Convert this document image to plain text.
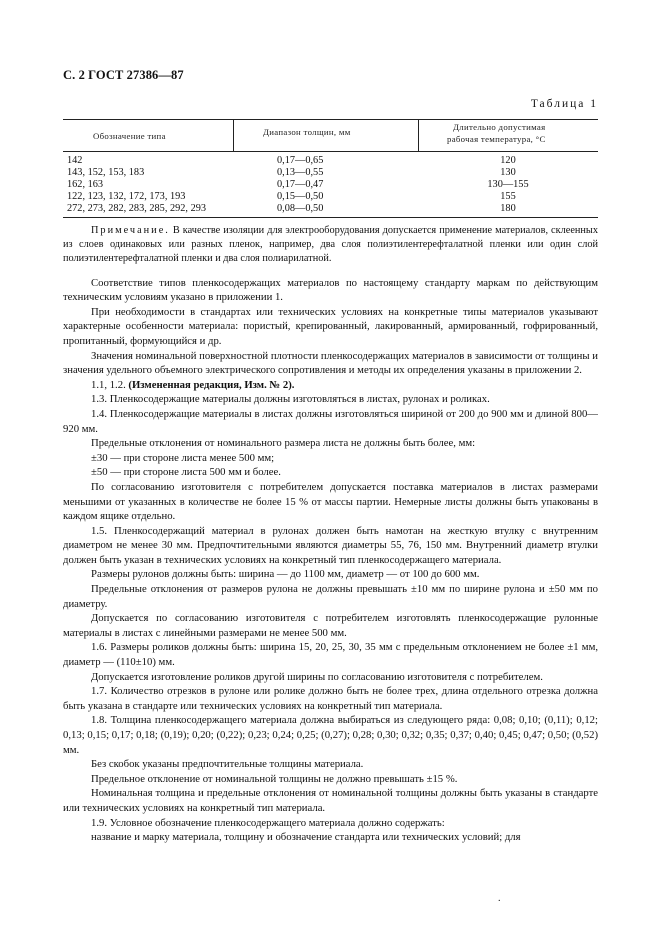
С. 2 ГОСТ 27386—87
Таблица 1
Обозначение типа	Диапазон толщин, мм	Длительно допустимая
рабочая температура, °С
142	0,17—0,65	120
143, 152, 153, 183	0,13—0,55	130
162, 163	0,17—0,47	130—155
122, 123, 132, 172, 173, 193	0,15—0,50	155
272, 273, 282, 283, 285, 292, 293	0,08—0,50	180

Примечание. В качестве изоляции для электрооборудования допускается применение материалов, склеенных из слоев одинаковых или разных пленок, например, два слоя полиэтилентерефталатной пленки или один слой полиэтилентерефталатной пленки и два слоя полиарилатной.

Соответствие типов пленкосодержащих материалов по настоящему стандарту маркам по действующим техническим условиям указано в приложении 1.

При необходимости в стандартах или технических условиях на конкретные типы материалов указывают характерные особенности материала: пористый, крепированный, лакированный, армированный, гофрированный, пропитанный, формующийся и др.

Значения номинальной поверхностной плотности пленкосодержащих материалов в зависимости от толщины и значения удельного объемного электрического сопротивления и методы их определения указаны в приложении 2.

1.1, 1.2. (Измененная редакция, Изм. № 2).

1.3. Пленкосодержащие материалы должны изготовляться в листах, рулонах и роликах.

1.4. Пленкосодержащие материалы в листах должны изготовляться шириной от 200 до 900 мм и длиной 800—920 мм.

Предельные отклонения от номинального размера листа не должны быть более, мм:

±30 — при стороне листа менее 500 мм;

±50 — при стороне листа 500 мм и более.

По согласованию изготовителя с потребителем допускается поставка материалов в листах размерами меньшими от указанных в количестве не более 15 % от массы партии. Немерные листы должны быть упакованы в каждом ящике отдельно.

1.5. Пленкосодержащий материал в рулонах должен быть намотан на жесткую втулку с внутренним диаметром не менее 30 мм. Предпочтительными являются диаметры 55, 76, 150 мм. Внутренний диаметр втулки должен быть указан в технических условиях на конкретный тип пленкосодержащего материала.

Размеры рулонов должны быть: ширина — до 1100 мм, диаметр — от 100 до 600 мм.

Предельные отклонения от размеров рулона не должны превышать ±10 мм по ширине рулона и ±50 мм по диаметру.

Допускается по согласованию изготовителя с потребителем изготовлять пленкосодержащие рулонные материалы в листах с линейными размерами не менее 500 мм.

1.6. Размеры роликов должны быть: ширина 15, 20, 25, 30, 35 мм с предельным отклонением не более ±1 мм, диаметр — (110±10) мм.

Допускается изготовление роликов другой ширины по согласованию изготовителя с потребителем.

1.7. Количество отрезков в рулоне или ролике должно быть не более трех, длина отдельного отрезка должна быть указана в стандарте или технических условиях на конкретный тип материала.

1.8. Толщина пленкосодержащего материала должна выбираться из следующего ряда: 0,08; 0,10; (0,11); 0,12; 0,13; 0,15; 0,17; 0,18; (0,19); 0,20; (0,22); 0,23; 0,24; 0,25; (0,27); 0,28; 0,30; 0,32; 0,35; 0,37; 0,40; 0,45; 0,47; 0,50; (0,52) мм.

Без скобок указаны предпочтительные толщины материала.

Предельное отклонение от номинальной толщины не должно превышать ±15 %.

Номинальная толщина и предельные отклонения от номинальной толщины должны быть указаны в стандарте или технических условиях на конкретный тип материала.

1.9. Условное обозначение пленкосодержащего материала должно содержать:

название и марку материала, толщину и обозначение стандарта или технических условий; для

.
